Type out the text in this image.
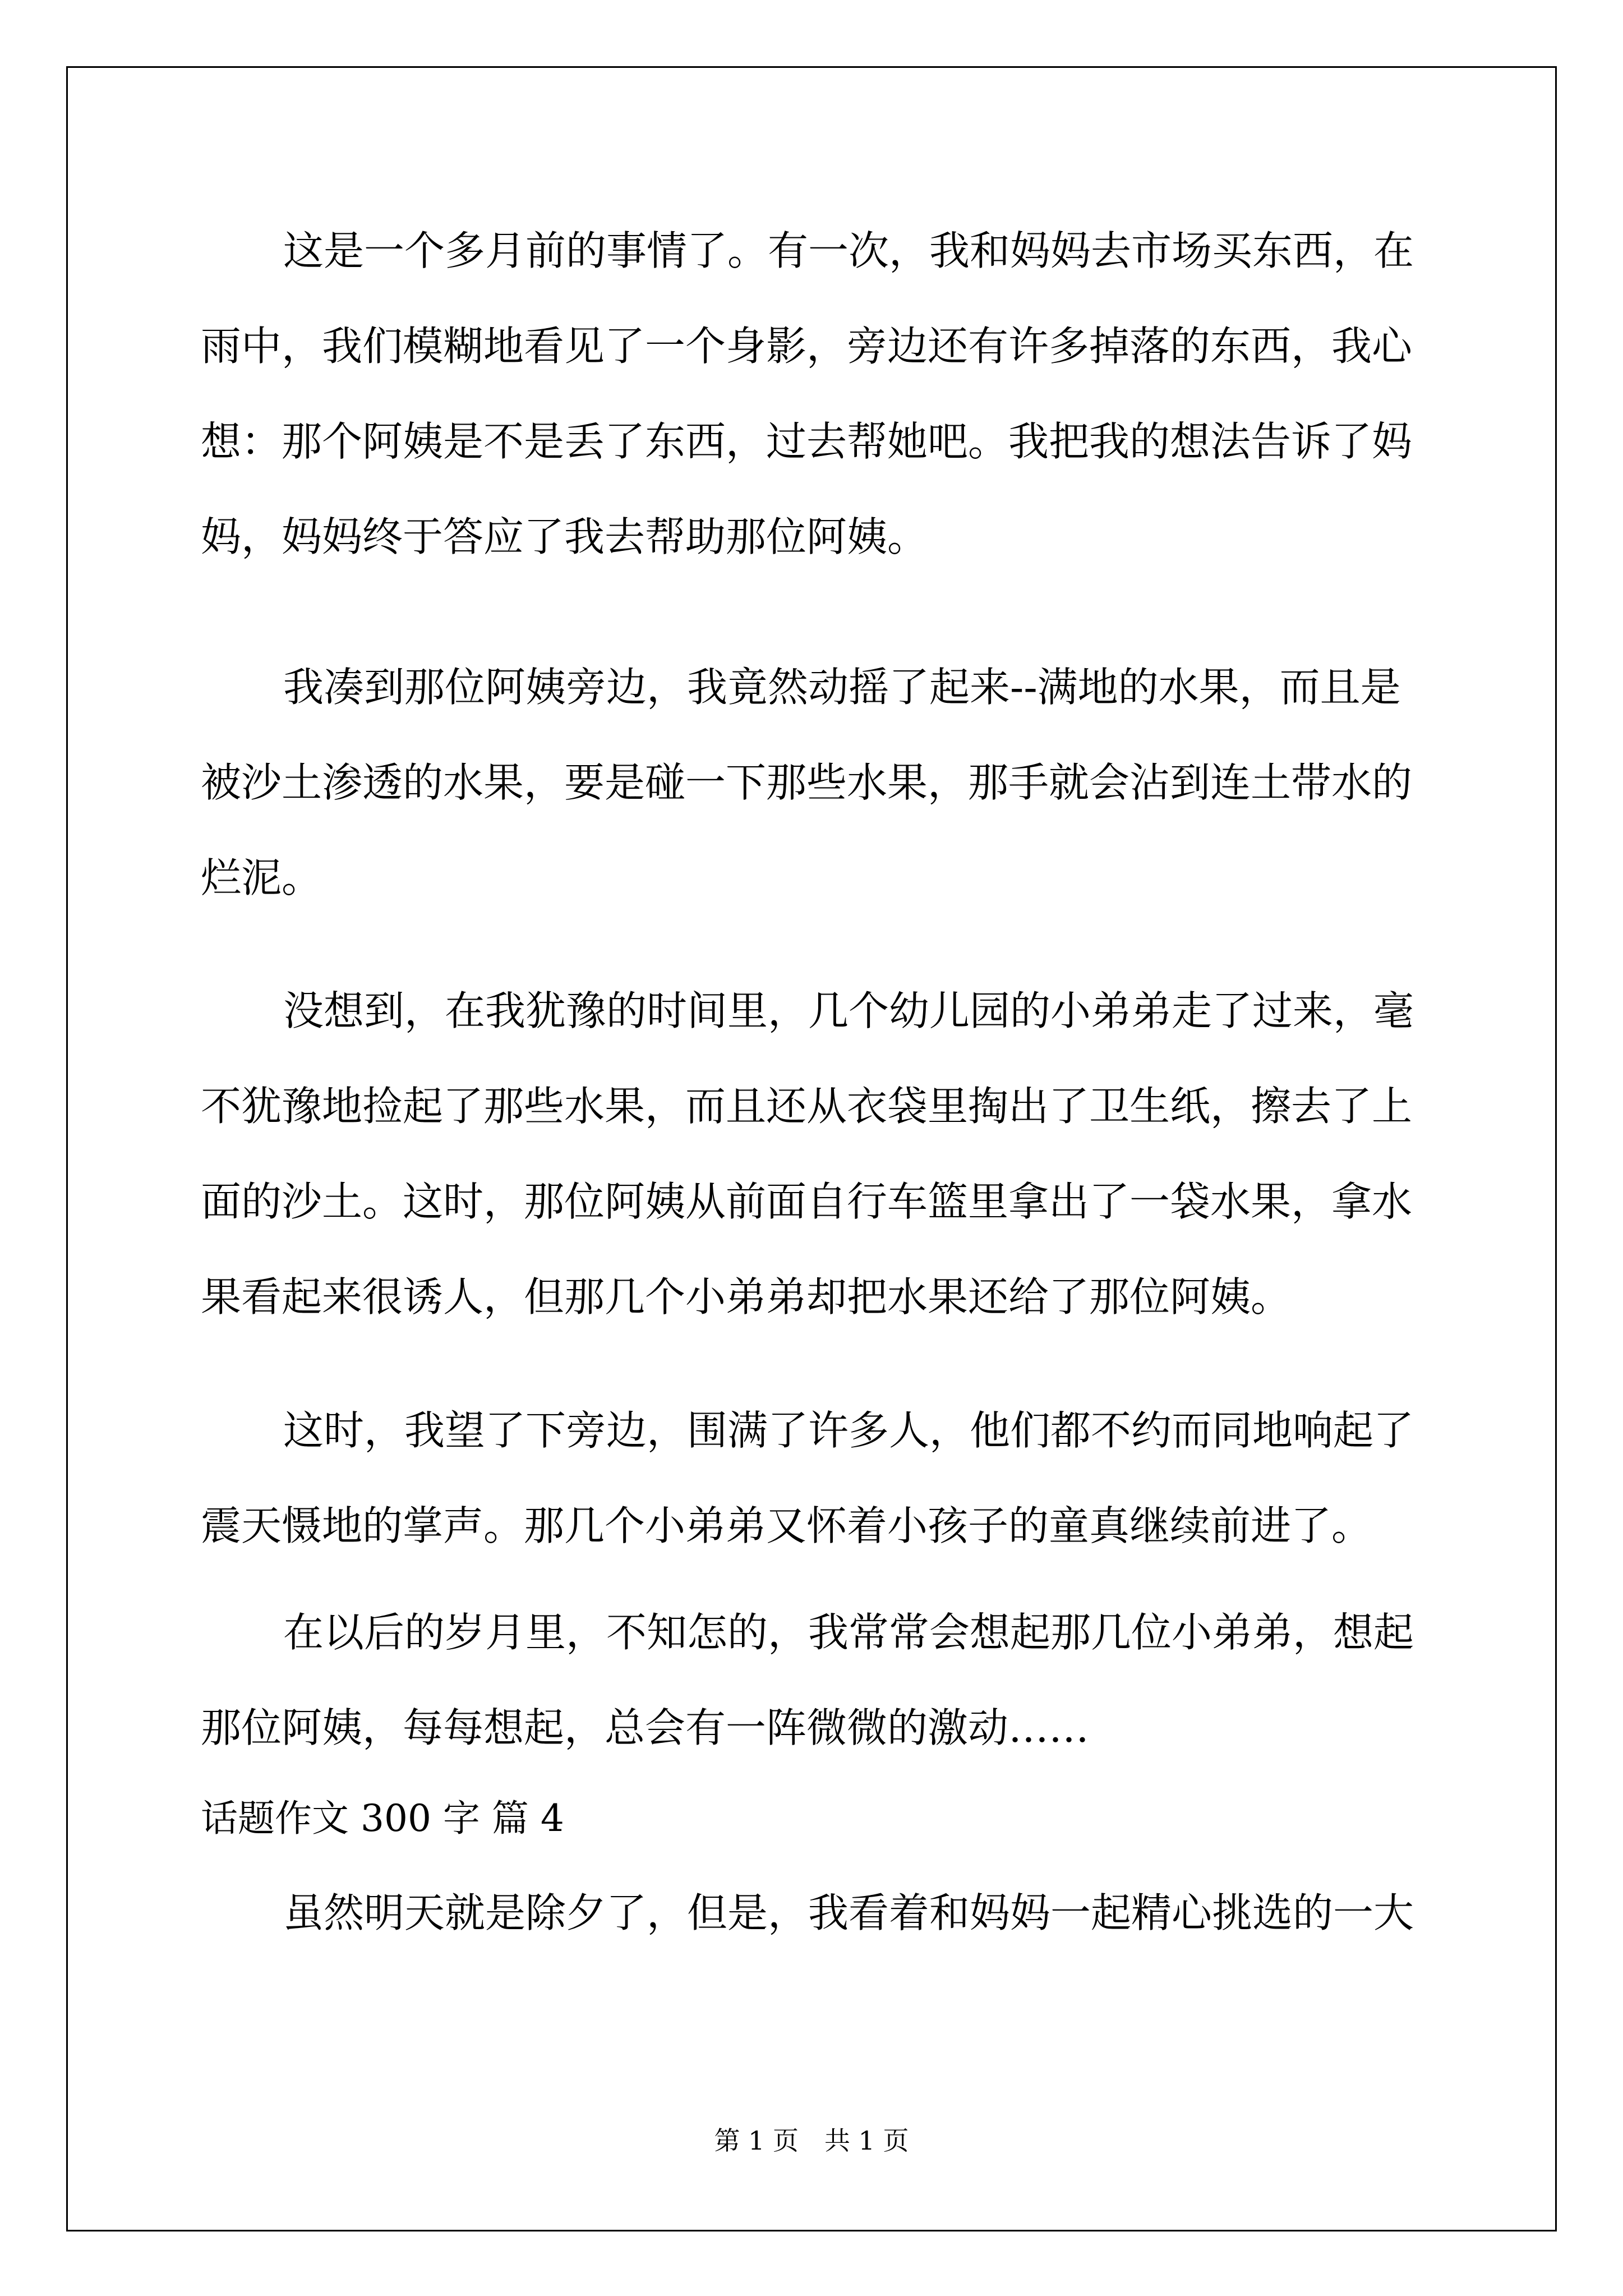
这是一个多月前的事情了。有一次，我和妈妈去市场买东西，在

雨中，我们模糊地看见了一个身影，旁边还有许多掉落的东西，我心

想：那个阿姨是不是丢了东西，过去帮她吧。我把我的想法告诉了妈

妈，妈妈终于答应了我去帮助那位阿姨。

我凑到那位阿姨旁边，我竟然动摇了起来--满地的水果，而且是

被沙土渗透的水果，要是碰一下那些水果，那手就会沾到连土带水的

烂泥。

没想到，在我犹豫的时间里，几个幼儿园的小弟弟走了过来，毫

不犹豫地捡起了那些水果，而且还从衣袋里掏出了卫生纸，擦去了上

面的沙土。这时，那位阿姨从前面自行车篮里拿出了一袋水果，拿水

果看起来很诱人，但那几个小弟弟却把水果还给了那位阿姨。

这时，我望了下旁边，围满了许多人，他们都不约而同地响起了

震天慑地的掌声。那几个小弟弟又怀着小孩子的童真继续前进了。

在以后的岁月里，不知怎的，我常常会想起那几位小弟弟，想起

那位阿姨，每每想起，总会有一阵微微的激动……

话题作文 300 字 篇 4

虽然明天就是除夕了，但是，我看着和妈妈一起精心挑选的一大

第 1 页　共 1 页
